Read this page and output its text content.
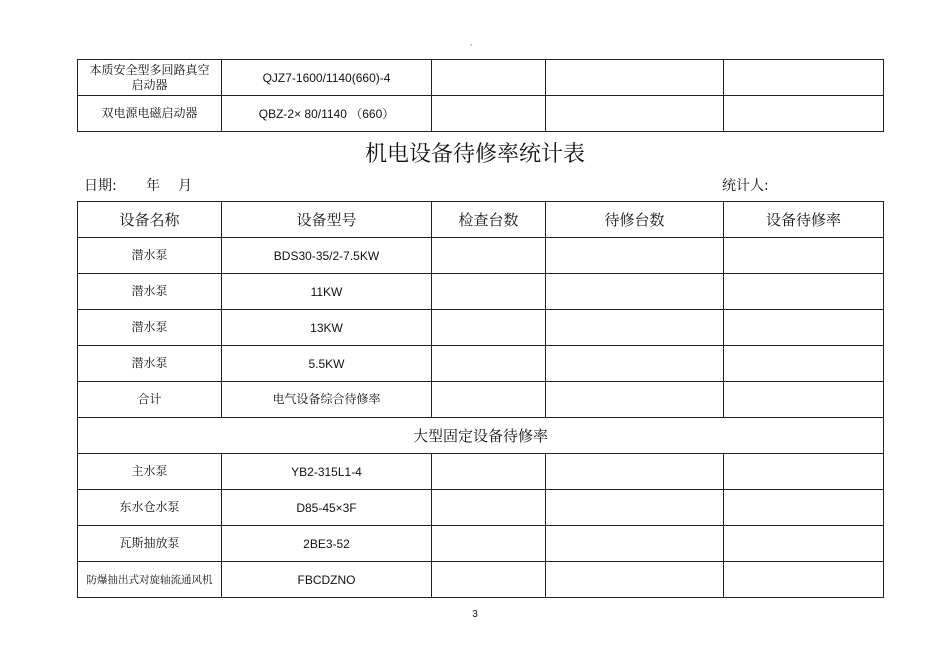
本质安全型多回路真空启动器	QJZ7-1600/1140(660)-4			
双电源电磁启动器	QBZ-2× 80/1140 （660）			
机电设备待修率统计表
日期: 年 月	统计人:
设备名称	设备型号	检查台数	待修台数	设备待修率
潜水泵	BDS30-35/2-7.5KW			
潜水泵	11KW			
潜水泵	13KW			
潜水泵	5.5KW			
合计	电气设备综合待修率			
大型固定设备待修率				
主水泵	YB2-315L1-4			
东水仓水泵	D85-45×3F			
瓦斯抽放泵	2BE3-52			
防爆抽出式对旋轴流通风机	FBCDZNO			
3
